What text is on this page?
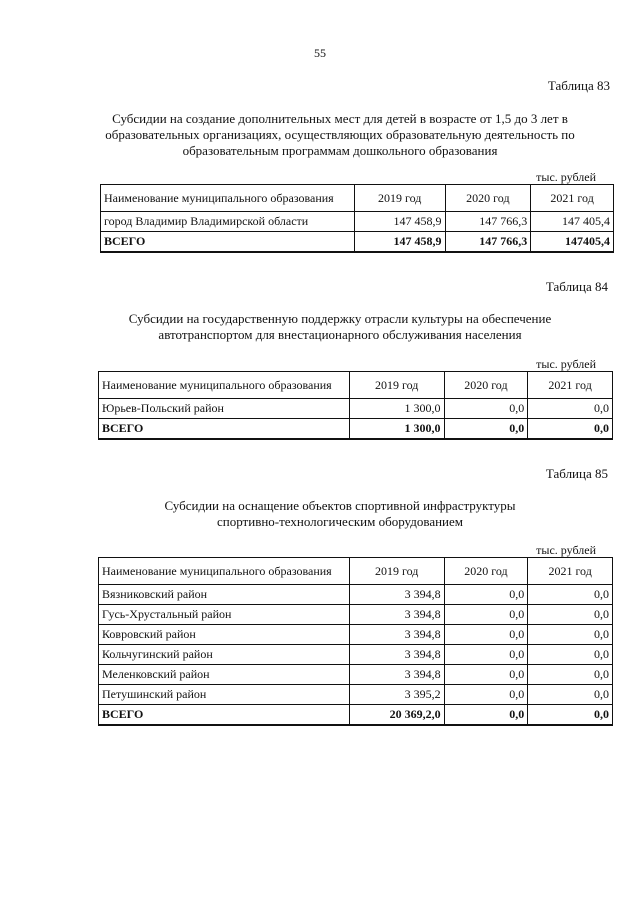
55
Таблица 83
Субсидии на создание дополнительных мест для детей в возрасте от 1,5 до 3 лет в
образовательных организациях, осуществляющих образовательную деятельность по
образовательным программам дошкольного образования
тыс. рублей
Наименование муниципального образования	2019 год	2020 год	2021 год
город Владимир Владимирской области	147 458,9	147 766,3	147 405,4
ВСЕГО	147 458,9	147 766,3	147405,4
Таблица 84
Субсидии на государственную поддержку отрасли культуры на обеспечение
автотранспортом для внестационарного обслуживания населения
тыс. рублей
Наименование муниципального образования	2019 год	2020 год	2021 год
Юрьев-Польский район	1 300,0	0,0	0,0
ВСЕГО	1 300,0	0,0	0,0
Таблица 85
Субсидии на оснащение объектов спортивной инфраструктуры
спортивно-технологическим оборудованием
тыс. рублей
Наименование муниципального образования	2019 год	2020 год	2021 год
Вязниковский район	3 394,8	0,0	0,0
Гусь-Хрустальный район	3 394,8	0,0	0,0
Ковровский район	3 394,8	0,0	0,0
Кольчугинский район	3 394,8	0,0	0,0
Меленковский район	3 394,8	0,0	0,0
Петушинский район	3 395,2	0,0	0,0
ВСЕГО	20 369,2,0	0,0	0,0
